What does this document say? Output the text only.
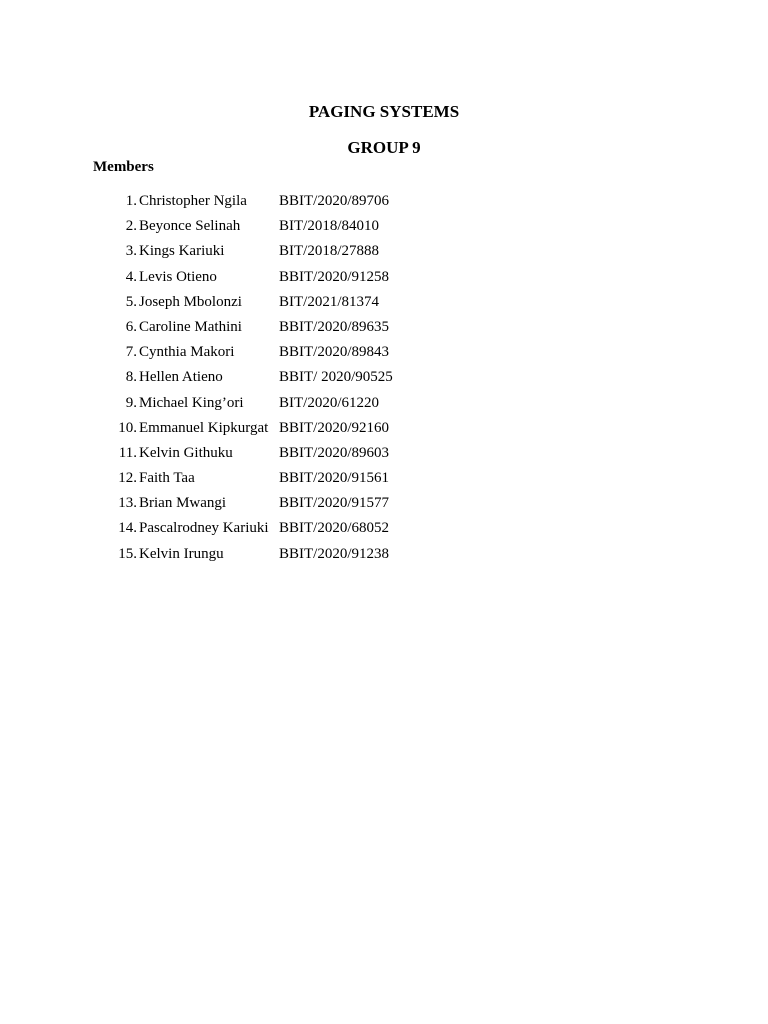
PAGING SYSTEMS
GROUP 9
Members
1. Christopher Ngila BBIT/2020/89706
2. Beyonce Selinah	BIT/2018/84010
3. Kings Kariuki	BIT/2018/27888
4. Levis Otieno	BBIT/2020/91258
5. Joseph Mbolonzi BIT/2021/81374
6. Caroline Mathini BBIT/2020/89635
7. Cynthia Makori	BBIT/2020/89843
8. Hellen Atieno	BBIT/ 2020/90525
9. Michael King’ori BIT/2020/61220
10. Emmanuel Kipkurgat BBIT/2020/92160
11. Kelvin Githuku	BBIT/2020/89603
12. Faith Taa	BBIT/2020/91561
13. Brian Mwangi	BBIT/2020/91577
14. Pascalrodney Kariuki BBIT/2020/68052
15. Kelvin Irungu	BBIT/2020/91238
